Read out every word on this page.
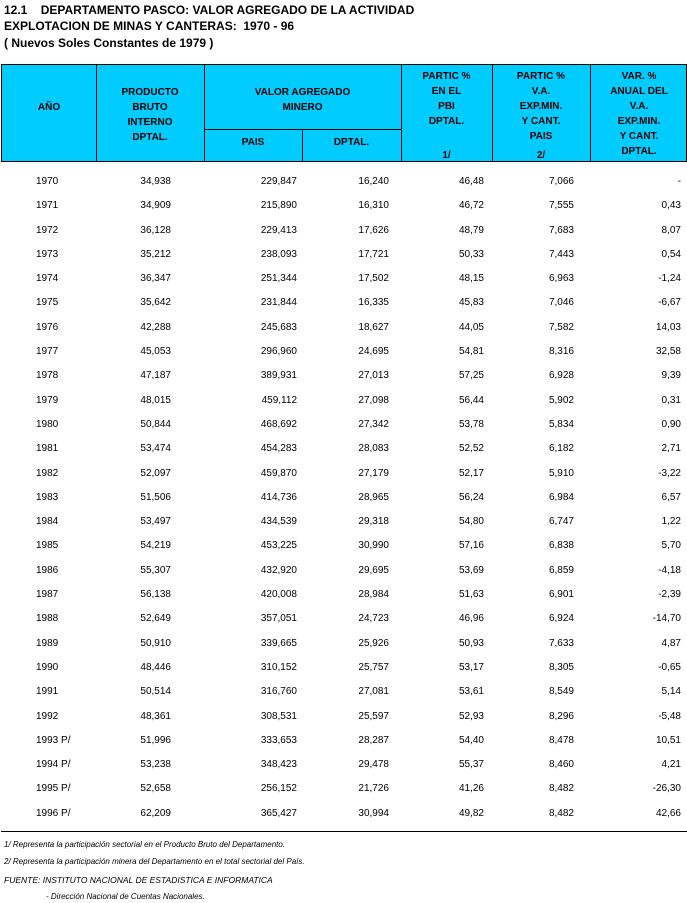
12.1    DEPARTAMENTO PASCO: VALOR AGREGADO DE LA ACTIVIDAD
EXPLOTACION DE MINAS Y CANTERAS:  1970 - 96
( Nuevos Soles Constantes de 1979 )
AÑO
PRODUCTO
BRUTO
INTERNO
DPTAL.
VALOR AGREGADO
MINERO
PAIS	DPTAL.
PARTIC %
EN EL
PBI
DPTAL.
1/
PARTIC %
V.A.
EXP.MIN.
Y CANT.
PAIS
2/
VAR. %
ANUAL DEL
V.A.
EXP.MIN.
Y CANT.
DPTAL.
1970	34,938	229,847	16,240	46,48	7,066	-
1971	34,909	215,890	16,310	46,72	7,555	0,43
1972	36,128	229,413	17,626	48,79	7,683	8,07
1973	35,212	238,093	17,721	50,33	7,443	0,54
1974	36,347	251,344	17,502	48,15	6,963	-1,24
1975	35,642	231,844	16,335	45,83	7,046	-6,67
1976	42,288	245,683	18,627	44,05	7,582	14,03
1977	45,053	296,960	24,695	54,81	8,316	32,58
1978	47,187	389,931	27,013	57,25	6,928	9,39
1979	48,015	459,112	27,098	56,44	5,902	0,31
1980	50,844	468,692	27,342	53,78	5,834	0,90
1981	53,474	454,283	28,083	52,52	6,182	2,71
1982	52,097	459,870	27,179	52,17	5,910	-3,22
1983	51,506	414,736	28,965	56,24	6,984	6,57
1984	53,497	434,539	29,318	54,80	6,747	1,22
1985	54,219	453,225	30,990	57,16	6,838	5,70
1986	55,307	432,920	29,695	53,69	6,859	-4,18
1987	56,138	420,008	28,984	51,63	6,901	-2,39
1988	52,649	357,051	24,723	46,96	6,924	-14,70
1989	50,910	339,665	25,926	50,93	7,633	4,87
1990	48,446	310,152	25,757	53,17	8,305	-0,65
1991	50,514	316,760	27,081	53,61	8,549	5,14
1992	48,361	308,531	25,597	52,93	8,296	-5,48
1993 P/	51,996	333,653	28,287	54,40	8,478	10,51
1994 P/	53,238	348,423	29,478	55,37	8,460	4,21
1995 P/	52,658	256,152	21,726	41,26	8,482	-26,30
1996 P/	62,209	365,427	30,994	49,82	8,482	42,66
1/ Representa la participación sectorial en el Producto Bruto del Departamento.
2/ Representa la participación minera del Departamento en el total sectorial del País.
FUENTE: INSTITUTO NACIONAL DE ESTADISTICA E INFORMATICA
- Dirección Nacional de Cuentas Nacionales.
